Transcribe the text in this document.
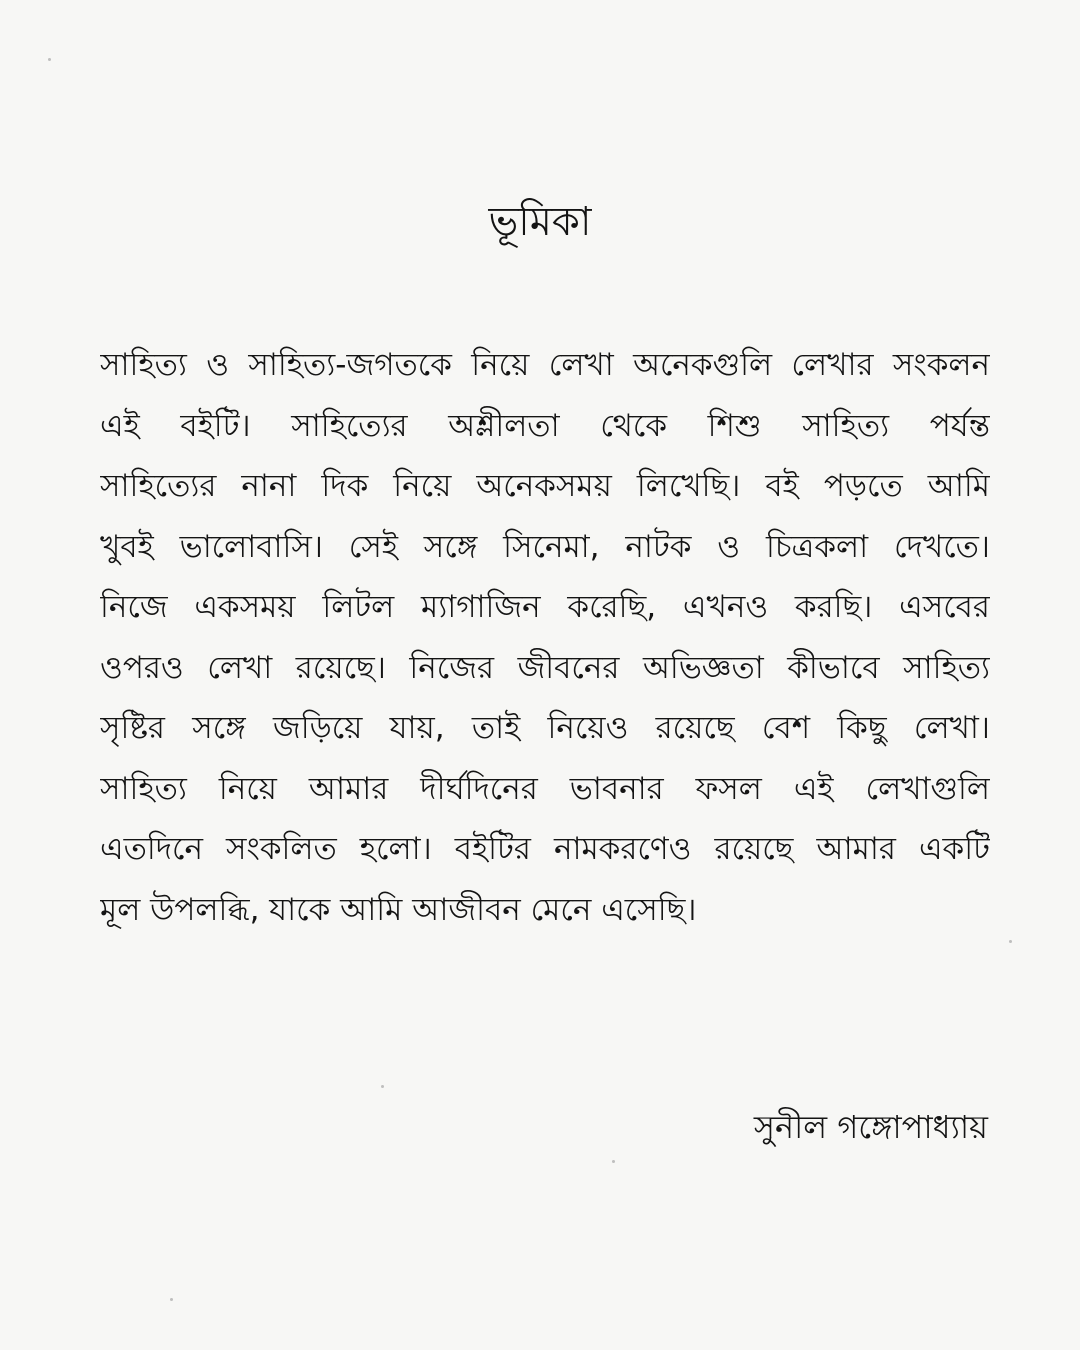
ভূমিকা
সাহিত্য ও সাহিত্য-জগতকে নিয়ে লেখা অনেকগুলি লেখার সংকলন
এই বইটি। সাহিত্যের অশ্লীলতা থেকে শিশু সাহিত্য পর্যন্ত
সাহিত্যের নানা দিক নিয়ে অনেকসময় লিখেছি। বই পড়তে আমি
খুবই ভালোবাসি। সেই সঙ্গে সিনেমা, নাটক ও চিত্রকলা দেখতে।
নিজে একসময় লিটল ম্যাগাজিন করেছি, এখনও করছি। এসবের
ওপরও লেখা রয়েছে। নিজের জীবনের অভিজ্ঞতা কীভাবে সাহিত্য
সৃষ্টির সঙ্গে জড়িয়ে যায়, তাই নিয়েও রয়েছে বেশ কিছু লেখা।
সাহিত্য নিয়ে আমার দীর্ঘদিনের ভাবনার ফসল এই লেখাগুলি
এতদিনে সংকলিত হলো। বইটির নামকরণেও রয়েছে আমার একটি
মূল উপলব্ধি, যাকে আমি আজীবন মেনে এসেছি।

সুনীল গঙ্গোপাধ্যায়
